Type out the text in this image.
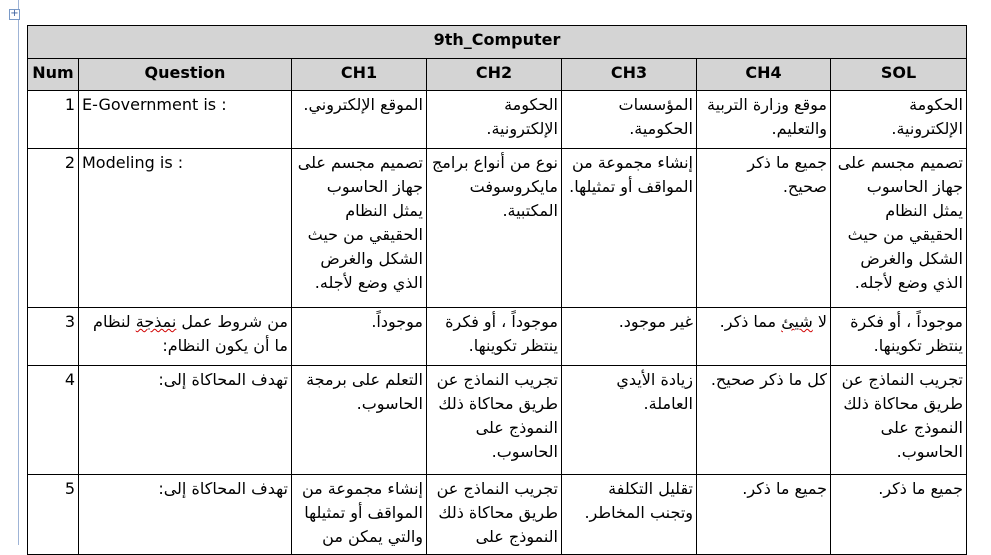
+
9th_Computer						
Num	Question	CH1	CH2	CH3	CH4	SOL
1	E-Government is :	الموقع الإلكتروني.	الحكومة الإلكترونية.	المؤسسات الحكومية.	موقع وزارة التربية والتعليم.	الحكومة الإلكترونية.
2	Modeling is :	تصميم مجسم على جهاز الحاسوب يمثل النظام الحقيقي من حيث الشكل والغرض الذي وضع لأجله.	نوع من أنواع برامج مايكروسوفت المكتبية.	إنشاء مجموعة من المواقف أو تمثيلها.	جميع ما ذكر صحيح.	تصميم مجسم على جهاز الحاسوب يمثل النظام الحقيقي من حيث الشكل والغرض الذي وضع لأجله.
3	من شروط عمل نمذجة لنظام ما أن يكون النظام:	موجوداً.	موجوداً ، أو فكرة ينتظر تكوينها.	غير موجود.	لا شيئ مما ذكر.	موجوداً ، أو فكرة ينتظر تكوينها.
4	تهدف المحاكاة إلى:	التعلم على برمجة الحاسوب.	تجريب النماذج عن طريق محاكاة ذلك النموذج على الحاسوب.	زيادة الأيدي العاملة.	كل ما ذكر صحيح.	تجريب النماذج عن طريق محاكاة ذلك النموذج على الحاسوب.
5	تهدف المحاكاة إلى:	إنشاء مجموعة من المواقف أو تمثيلها والتي يمكن من	تجريب النماذج عن طريق محاكاة ذلك النموذج على	تقليل التكلفة وتجنب المخاطر.	جميع ما ذكر.	جميع ما ذكر.
